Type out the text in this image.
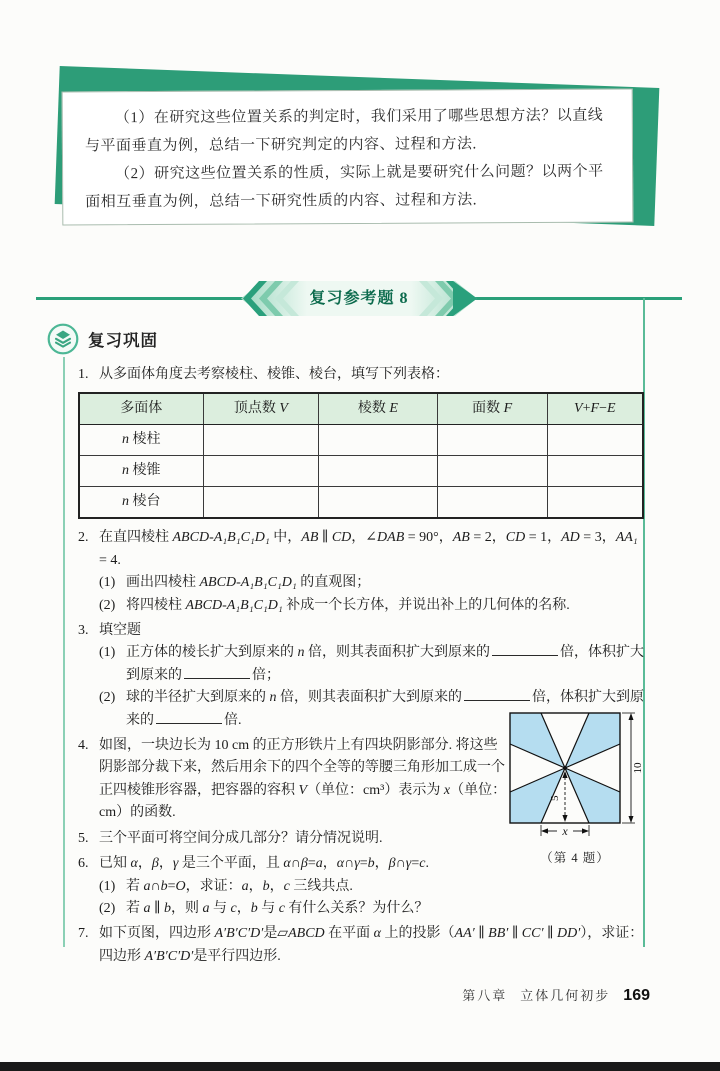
（1）在研究这些位置关系的判定时，我们采用了哪些思想方法？以直线与平面垂直为例，总结一下研究判定的内容、过程和方法.

（2）研究这些位置关系的性质，实际上就是要研究什么问题？以两个平面相互垂直为例，总结一下研究性质的内容、过程和方法.

复习参考题 8
复习巩固
1. 从多面体角度去考察棱柱、棱锥、棱台，填写下列表格：
多面体	顶点数 V	棱数 E	面数 F	V+F−E
n 棱柱				
n 棱锥				
n 棱台				
2. 在直四棱柱 ABCD-A₁B₁C₁D₁ 中，AB ∥ CD，∠DAB = 90°，AB = 2，CD = 1，AD = 3，AA₁ = 4.
(1) 画出四棱柱 ABCD-A₁B₁C₁D₁ 的直观图；
(2) 将四棱柱 ABCD-A₁B₁C₁D₁ 补成一个长方体，并说出补上的几何体的名称.
3. 填空题
(1) 正方体的棱长扩大到原来的 n 倍，则其表面积扩大到原来的	倍，体积扩大到原来的	倍；
(2) 球的半径扩大到原来的 n 倍，则其表面积扩大到原来的	倍，体积扩大到原来的	倍.
4. 如图，一块边长为 10 cm 的正方形铁片上有四块阴影部分. 将这些阴影部分裁下来，然后用余下的四个全等的等腰三角形加工成一个正四棱锥形容器，把容器的容积 V（单位：cm³）表示为 x（单位：cm）的函数.
5. 三个平面可将空间分成几部分？请分情况说明.
6. 已知 α，β，γ 是三个平面，且 α∩β=a，α∩γ=b，β∩γ=c.
(1) 若 a∩b=O，求证：a，b，c 三线共点.
(2) 若 a ∥ b，则 a 与 c，b 与 c 有什么关系？为什么？
7. 如下页图，四边形 A′B′C′D′是▱ABCD 在平面 α 上的投影（AA′ ∥ BB′ ∥ CC′ ∥ DD′），求证：四边形 A′B′C′D′是平行四边形.
5
10
x
（第 4 题）
第八章 立体几何初步 169
